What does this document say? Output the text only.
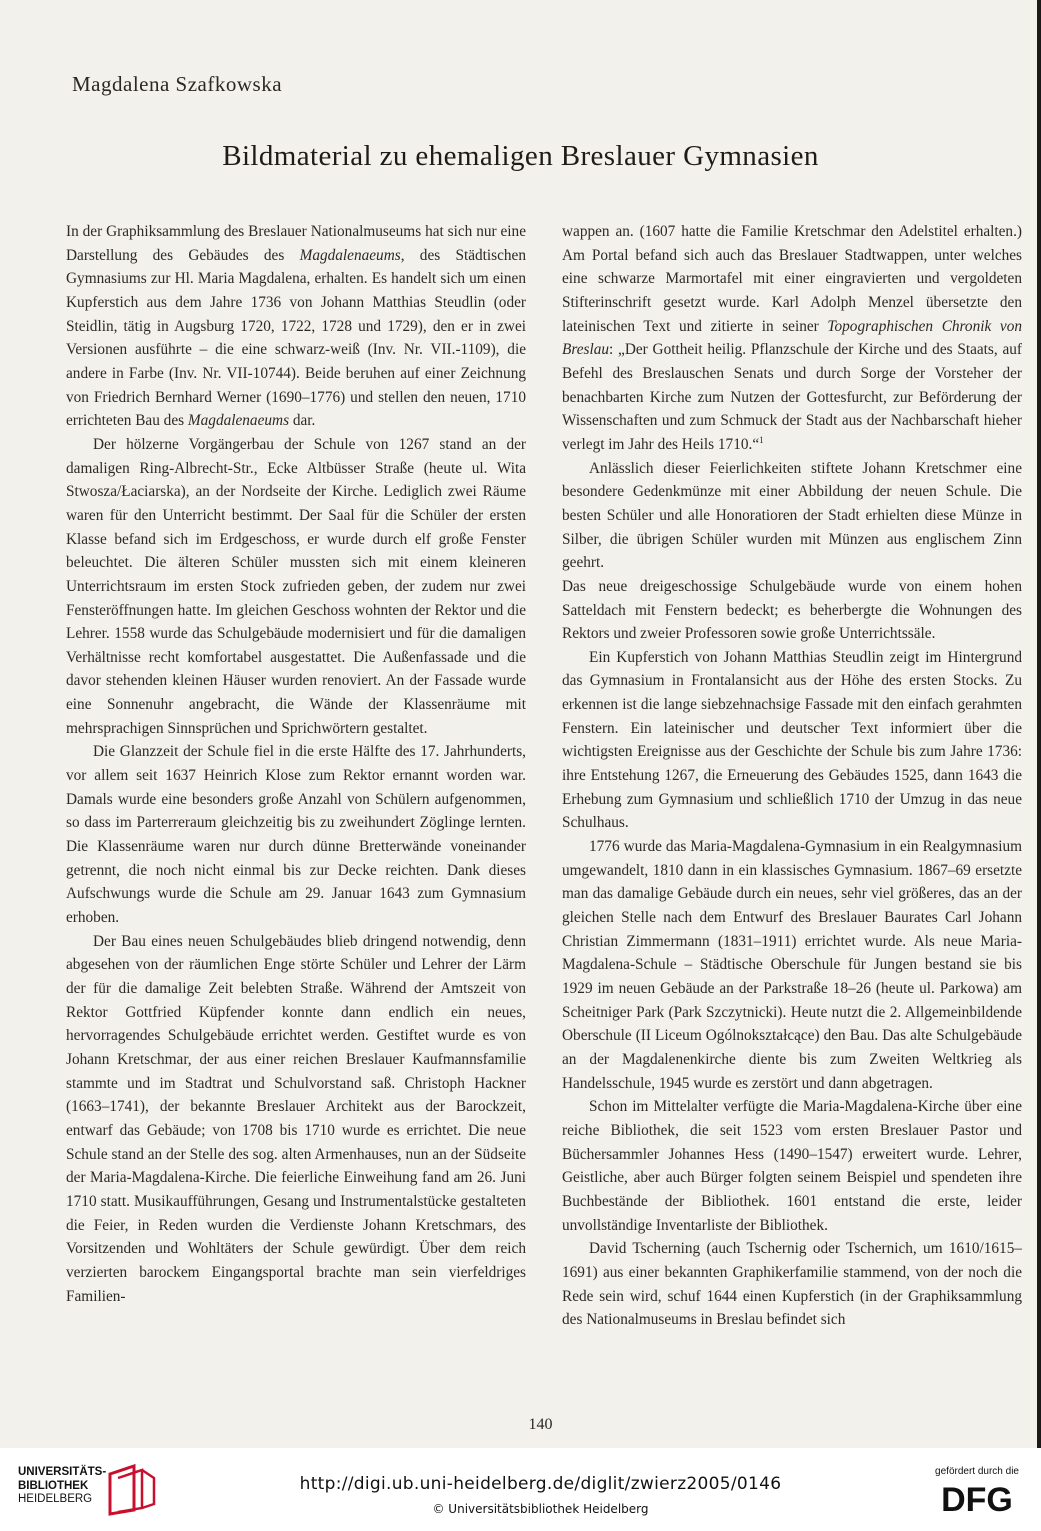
Magdalena Szafkowska
Bildmaterial zu ehemaligen Breslauer Gymnasien

In der Graphiksammlung des Breslauer Nationalmuseums hat sich nur eine Darstellung des Gebäudes des Magdalenaeums, des Städtischen Gymnasiums zur Hl. Maria Magdalena, erhalten. Es handelt sich um einen Kupferstich aus dem Jahre 1736 von Johann Matthias Steudlin (oder Steidlin, tätig in Augsburg 1720, 1722, 1728 und 1729), den er in zwei Versionen ausführte – die eine schwarz-weiß (Inv. Nr. VII.-1109), die andere in Farbe (Inv. Nr. VII-10744). Beide beruhen auf einer Zeichnung von Friedrich Bernhard Werner (1690–1776) und stellen den neuen, 1710 errichteten Bau des Magdalenaeums dar.

Der hölzerne Vorgängerbau der Schule von 1267 stand an der damaligen Ring-Albrecht-Str., Ecke Altbüsser Straße (heute ul. Wita Stwosza/Łaciarska), an der Nordseite der Kirche. Lediglich zwei Räume waren für den Unterricht bestimmt. Der Saal für die Schüler der ersten Klasse befand sich im Erdgeschoss, er wurde durch elf große Fenster beleuchtet. Die älteren Schüler mussten sich mit einem kleineren Unterrichtsraum im ersten Stock zufrieden geben, der zudem nur zwei Fensteröffnungen hatte. Im gleichen Geschoss wohnten der Rektor und die Lehrer. 1558 wurde das Schulgebäude modernisiert und für die damaligen Verhältnisse recht komfortabel ausgestattet. Die Außenfassade und die davor stehenden kleinen Häuser wurden renoviert. An der Fassade wurde eine Sonnenuhr angebracht, die Wände der Klassenräume mit mehrsprachigen Sinnsprüchen und Sprichwörtern gestaltet.

Die Glanzzeit der Schule fiel in die erste Hälfte des 17. Jahrhunderts, vor allem seit 1637 Heinrich Klose zum Rektor ernannt worden war. Damals wurde eine besonders große Anzahl von Schülern aufgenommen, so dass im Parterreraum gleichzeitig bis zu zweihundert Zöglinge lernten. Die Klassenräume waren nur durch dünne Bretterwände voneinander getrennt, die noch nicht einmal bis zur Decke reichten. Dank dieses Aufschwungs wurde die Schule am 29. Januar 1643 zum Gymnasium erhoben.

Der Bau eines neuen Schulgebäudes blieb dringend notwendig, denn abgesehen von der räumlichen Enge störte Schüler und Lehrer der Lärm der für die damalige Zeit belebten Straße. Während der Amtszeit von Rektor Gottfried Küpfender konnte dann endlich ein neues, hervorragendes Schulgebäude errichtet werden. Gestiftet wurde es von Johann Kretschmar, der aus einer reichen Breslauer Kaufmannsfamilie stammte und im Stadtrat und Schulvorstand saß. Christoph Hackner (1663–1741), der bekannte Breslauer Architekt aus der Barockzeit, entwarf das Gebäude; von 1708 bis 1710 wurde es errichtet. Die neue Schule stand an der Stelle des sog. alten Armenhauses, nun an der Südseite der Maria-Magdalena-Kirche. Die feierliche Einweihung fand am 26. Juni 1710 statt. Musikaufführungen, Gesang und Instrumentalstücke gestalteten die Feier, in Reden wurden die Verdienste Johann Kretschmars, des Vorsitzenden und Wohltäters der Schule gewürdigt. Über dem reich verzierten barockem Eingangsportal brachte man sein vierfeldriges Familien-

wappen an. (1607 hatte die Familie Kretschmar den Adelstitel erhalten.) Am Portal befand sich auch das Breslauer Stadtwappen, unter welches eine schwarze Marmortafel mit einer eingravierten und vergoldeten Stifterinschrift gesetzt wurde. Karl Adolph Menzel übersetzte den lateinischen Text und zitierte in seiner Topographischen Chronik von Breslau: „Der Gottheit heilig. Pflanzschule der Kirche und des Staats, auf Befehl des Breslauschen Senats und durch Sorge der Vorsteher der benachbarten Kirche zum Nutzen der Gottesfurcht, zur Beförderung der Wissenschaften und zum Schmuck der Stadt aus der Nachbarschaft hieher verlegt im Jahr des Heils 1710.“$^1$

Anlässlich dieser Feierlichkeiten stiftete Johann Kretschmer eine besondere Gedenkmünze mit einer Abbildung der neuen Schule. Die besten Schüler und alle Honoratioren der Stadt erhielten diese Münze in Silber, die übrigen Schüler wurden mit Münzen aus englischem Zinn geehrt.

Das neue dreigeschossige Schulgebäude wurde von einem hohen Satteldach mit Fenstern bedeckt; es beherbergte die Wohnungen des Rektors und zweier Professoren sowie große Unterrichtssäle.

Ein Kupferstich von Johann Matthias Steudlin zeigt im Hintergrund das Gymnasium in Frontalansicht aus der Höhe des ersten Stocks. Zu erkennen ist die lange siebzehnachsige Fassade mit den einfach gerahmten Fenstern. Ein lateinischer und deutscher Text informiert über die wichtigsten Ereignisse aus der Geschichte der Schule bis zum Jahre 1736: ihre Entstehung 1267, die Erneuerung des Gebäudes 1525, dann 1643 die Erhebung zum Gymnasium und schließlich 1710 der Umzug in das neue Schulhaus.

1776 wurde das Maria-Magdalena-Gymnasium in ein Realgymnasium umgewandelt, 1810 dann in ein klassisches Gymnasium. 1867–69 ersetzte man das damalige Gebäude durch ein neues, sehr viel größeres, das an der gleichen Stelle nach dem Entwurf des Breslauer Baurates Carl Johann Christian Zimmermann (1831–1911) errichtet wurde. Als neue Maria-Magdalena-Schule – Städtische Oberschule für Jungen bestand sie bis 1929 im neuen Gebäude an der Parkstraße 18–26 (heute ul. Parkowa) am Scheitniger Park (Park Szczytnicki). Heute nutzt die 2. Allgemeinbildende Oberschule (II Liceum Ogólnokształcące) den Bau. Das alte Schulgebäude an der Magdalenenkirche diente bis zum Zweiten Weltkrieg als Handelsschule, 1945 wurde es zerstört und dann abgetragen.

Schon im Mittelalter verfügte die Maria-Magdalena-Kirche über eine reiche Bibliothek, die seit 1523 vom ersten Breslauer Pastor und Büchersammler Johannes Hess (1490–1547) erweitert wurde. Lehrer, Geistliche, aber auch Bürger folgten seinem Beispiel und spendeten ihre Buchbestände der Bibliothek. 1601 entstand die erste, leider unvollständige Inventarliste der Bibliothek.

David Tscherning (auch Tschernig oder Tschernich, um 1610/1615–1691) aus einer bekannten Graphikerfamilie stammend, von der noch die Rede sein wird, schuf 1644 einen Kupferstich (in der Graphiksammlung des Nationalmuseums in Breslau befindet sich

140
UNIVERSITÄTS-
BIBLIOTHEK
HEIDELBERG
http://digi.ub.uni-heidelberg.de/diglit/zwierz2005/0146
© Universitätsbibliothek Heidelberg
gefördert durch die
DFG
